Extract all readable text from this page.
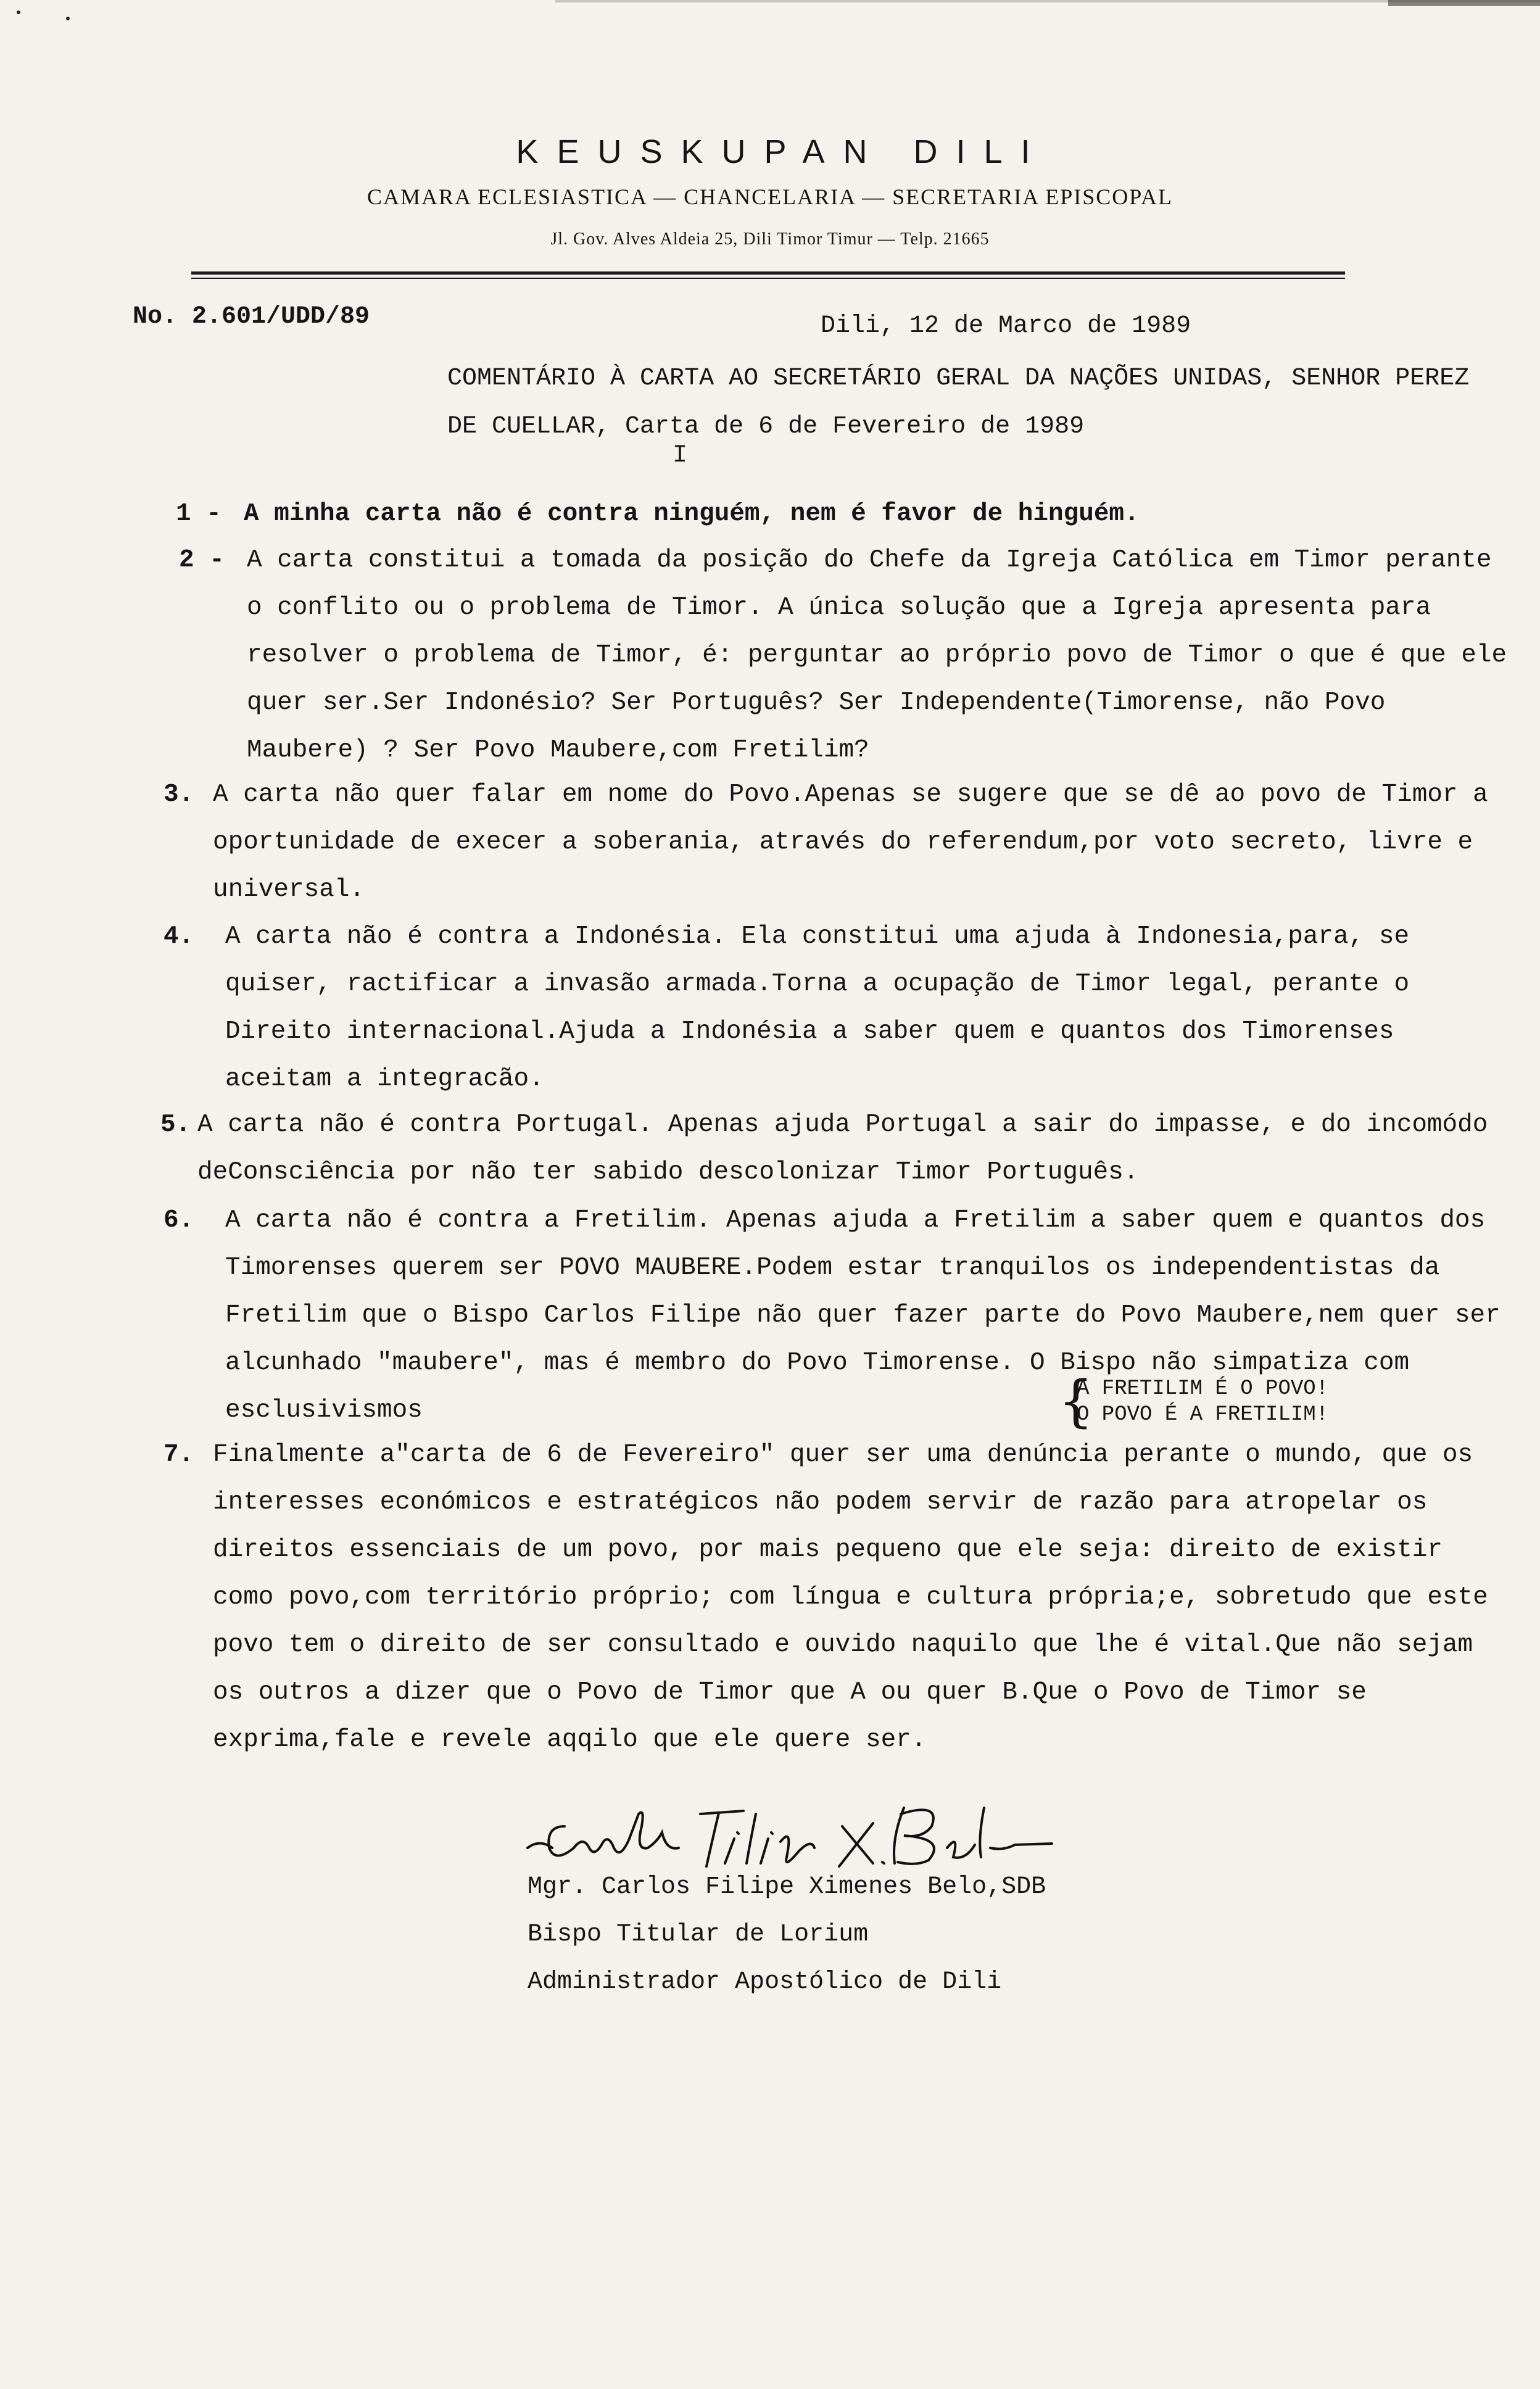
KEUSKUPAN DILI
CAMARA ECLESIASTICA — CHANCELARIA — SECRETARIA EPISCOPAL
Jl. Gov. Alves Aldeia 25, Dili Timor Timur — Telp. 21665
No. 2.601/UDD/89	Dili, 12 de Marco de 1989
COMENTÁRIO À CARTA AO SECRETÁRIO GERAL DA NAÇÕES UNIDAS, SENHOR PEREZ DE CUELLAR, Carta de 6 de Fevereiro de 1989
I
1 - A minha carta não é contra ninguém, nem é favor de hinguém.
2 - A carta constitui a tomada da posição do Chefe da Igreja Católica em Timor perante o conflito ou o problema de Timor. A única solução que a Igreja apresenta para resolver o problema de Timor, é: perguntar ao próprio povo de Timor o que é que ele quer ser.Ser Indonésio? Ser Português? Ser Independente(Timorense, não Povo Maubere) ? Ser Povo Maubere,com Fretilim?
3. A carta não quer falar em nome do Povo.Apenas se sugere que se dê ao povo de Timor a oportunidade de execer a soberania, através do referendum,por voto secreto, livre e universal.
4. A carta não é contra a Indonésia. Ela constitui uma ajuda à Indonesia,para, se quiser, ractificar a invasão armada.Torna a ocupação de Timor legal, perante o Direito internacional.Ajuda a Indonésia a saber quem e quantos dos Timorenses aceitam a integracão.
5. A carta não é contra Portugal. Apenas ajuda Portugal a sair do impasse, e do incomódo deConsciência por não ter sabido descolonizar Timor Português.
6. A carta não é contra a Fretilim. Apenas ajuda a Fretilim a saber quem e quantos dos Timorenses querem ser POVO MAUBERE.Podem estar tranquilos os independentistas da Fretilim que o Bispo Carlos Filipe não quer fazer parte do Povo Maubere,nem quer ser alcunhado "maubere", mas é membro do Povo Timorense. O Bispo não simpatiza com esclusivismos	{
A FRETILIM É O POVO!
O POVO É A FRETILIM!
7. Finalmente a"carta de 6 de Fevereiro" quer ser uma denúncia perante o mundo, que os interesses económicos e estratégicos não podem servir de razão para atropelar os direitos essenciais de um povo, por mais pequeno que ele seja: direito de existir como povo,com território próprio; com língua e cultura própria;e, sobretudo que este povo tem o direito de ser consultado e ouvido naquilo que lhe é vital.Que não sejam os outros a dizer que o Povo de Timor que A ou quer B.Que o Povo de Timor se exprima,fale e revele aqqilo que ele quere ser.
Mgr. Carlos Filipe Ximenes Belo,SDB
Bispo Titular de Lorium
Administrador Apostólico de Dili
